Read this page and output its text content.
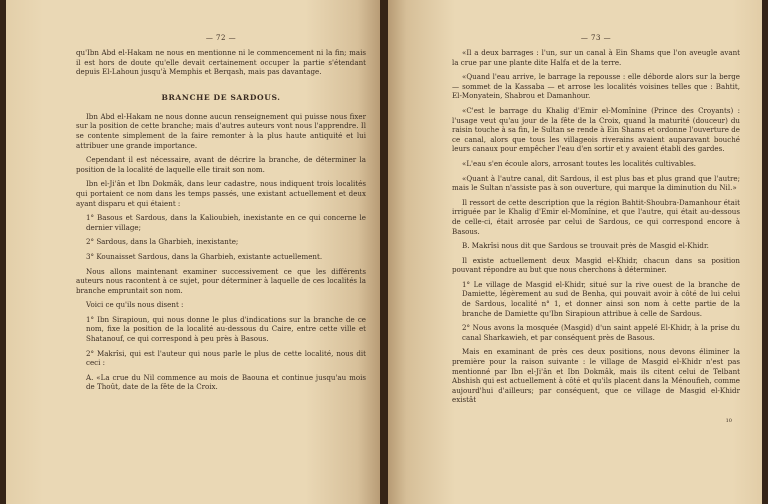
— 72 —

qu'Ibn Abd el-Hakam ne nous en mentionne ni le commencement ni la fin; mais il est hors de doute qu'elle devait certainement occuper la partie s'étendant depuis El-Lahoun jusqu'à Memphis et Berqash, mais pas davantage.

BRANCHE DE SARDOUS.

Ibn Abd el-Hakam ne nous donne aucun renseignement qui puisse nous fixer sur la position de cette branche; mais d'autres auteurs vont nous l'apprendre. Il se contente simplement de la faire remonter à la plus haute antiquité et lui attribuer une grande importance.

Cependant il est nécessaire, avant de décrire la branche, de déterminer la position de la localité de laquelle elle tirait son nom.

Ibn el-Ji'ân et Ibn Dokmâk, dans leur cadastre, nous indiquent trois localités qui portaient ce nom dans les temps passés, une existant actuellement et deux ayant disparu et qui étaient :

1° Basous et Sardous, dans la Kalioubieh, inexistante en ce qui concerne le dernier village;

2° Sardous, dans la Gharbieh, inexistante;

3° Kounaisset Sardous, dans la Gharbieh, existante actuellement.

Nous allons maintenant examiner successivement ce que les différents auteurs nous racontent à ce sujet, pour déterminer à laquelle de ces localités la branche empruntait son nom.

Voici ce qu'ils nous disent :

1° Ibn Sirapioun, qui nous donne le plus d'indications sur la branche de ce nom, fixe la position de la localité au-dessous du Caire, entre cette ville et Shatanouf, ce qui correspond à peu près à Basous.

2° Makrîsi, qui est l'auteur qui nous parle le plus de cette localité, nous dit ceci :

A. «La crue du Nil commence au mois de Baouna et continue jusqu'au mois de Thoût, date de la fête de la Croix.

— 73 —

«Il a deux barrages : l'un, sur un canal à Ein Shams que l'on aveugle avant la crue par une plante dite Halfa et de la terre.

«Quand l'eau arrive, le barrage la repousse : elle déborde alors sur la berge — sommet de la Kassaba — et arrose les localités voisines telles que : Bahtit, El-Monyatein, Shabrou et Damanhour.

«C'est le barrage du Khalig d'Emir el-Momînine (Prince des Croyants) : l'usage veut qu'au jour de la fête de la Croix, quand la maturité (douceur) du raisin touche à sa fin, le Sultan se rende à Ein Shams et ordonne l'ouverture de ce canal, alors que tous les villageois riverains avaient auparavant bouché leurs canaux pour empêcher l'eau d'en sortir et y avaient établi des gardes.

«L'eau s'en écoule alors, arrosant toutes les localités cultivables.

«Quant à l'autre canal, dit Sardous, il est plus bas et plus grand que l'autre; mais le Sultan n'assiste pas à son ouverture, qui marque la diminution du Nil.»

Il ressort de cette description que la région Bahtit-Shoubra-Damanhour était irriguée par le Khalig d'Emir el-Momînine, et que l'autre, qui était au-dessous de celle-ci, était arrosée par celui de Sardous, ce qui correspond encore à Basous.

B. Makrîsi nous dit que Sardous se trouvait près de Masgid el-Khidr.

Il existe actuellement deux Masgid el-Khidr, chacun dans sa position pouvant répondre au but que nous cherchons à déterminer.

1° Le village de Masgid el-Khidr, situé sur la rive ouest de la branche de Damiette, légèrement au sud de Benha, qui pouvait avoir à côté de lui celui de Sardous, localité n° 1, et donner ainsi son nom à cette partie de la branche de Damiette qu'Ibn Sirapioun attribue à celle de Sardous.

2° Nous avons la mosquée (Masgid) d'un saint appelé El-Khidr, à la prise du canal Sharkawieh, et par conséquent près de Basous.

Mais en examinant de près ces deux positions, nous devons éliminer la première pour la raison suivante : le village de Masgid el-Khidr n'est pas mentionné par Ibn el-Ji'ân et Ibn Dokmâk, mais ils citent celui de Telbant Abshish qui est actuellement à côté et qu'ils placent dans la Ménoufieh, comme aujourd'hui d'ailleurs; par conséquent, que ce village de Masgid el-Khidr existât

10
